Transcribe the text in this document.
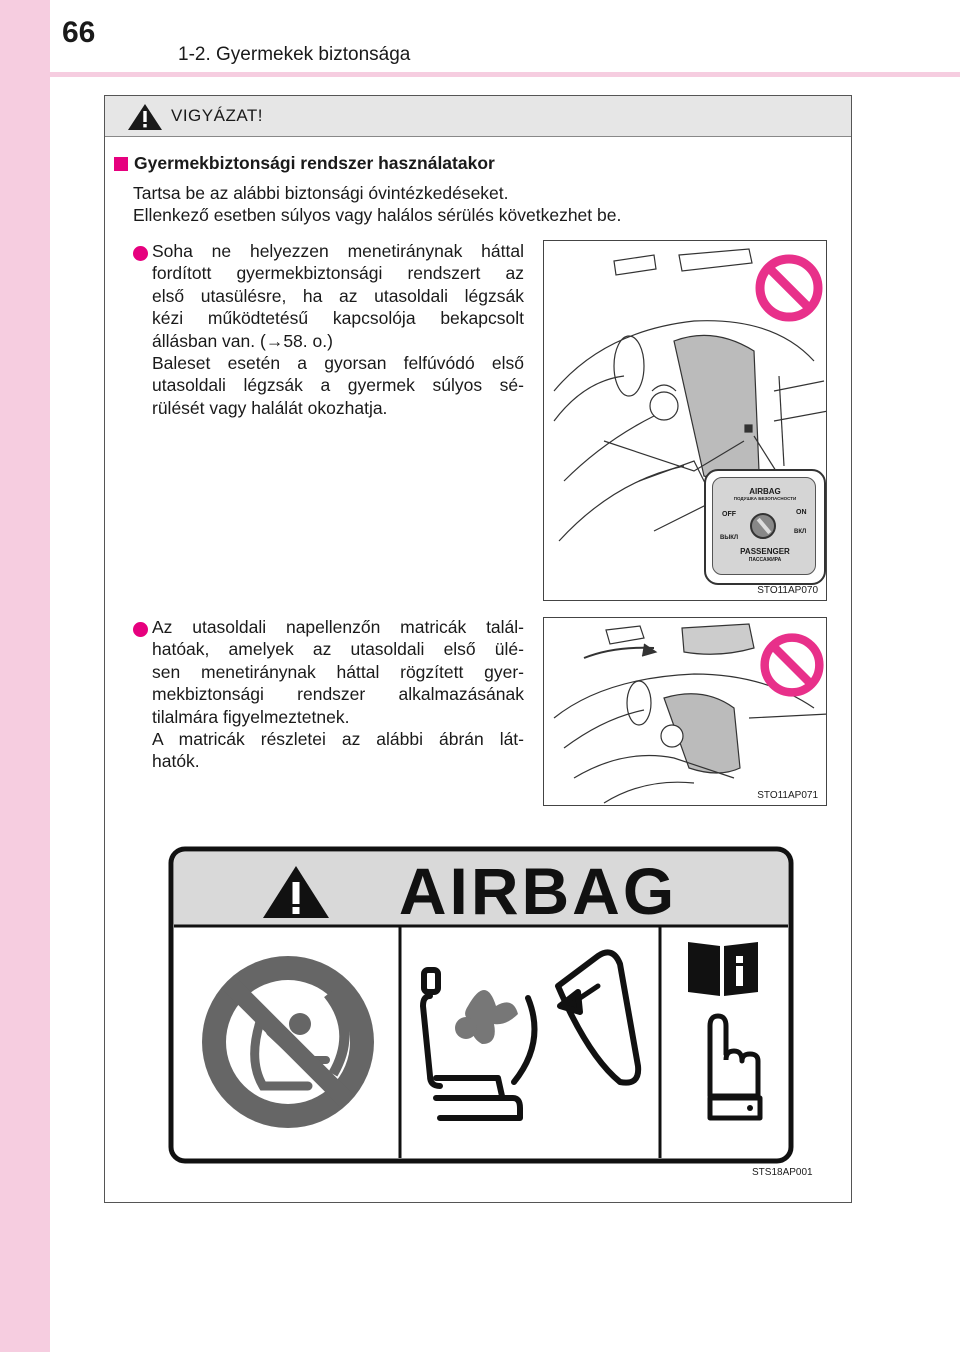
66
1-2. Gyermekek biztonsága
VIGYÁZAT!
Gyermekbiztonsági rendszer használatakor
Tartsa be az alábbi biztonsági óvintézkedéseket.
Ellenkező esetben súlyos vagy halálos sérülés következhet be.
Soha ne helyezzen menetiránynak háttal
fordított gyermekbiztonsági rendszert az
első utasülésre, ha az utasoldali légzsák
kézi működtetésű kapcsolója bekapcsolt
állásban van. (→58. o.)
Baleset esetén a gyorsan felfúvódó első
utasoldali légzsák a gyermek súlyos sé-
rülését vagy halálát okozhatja.
AIRBAG
ПОДУШКА БЕЗОПАСНОСТИ
OFF	ON
ВЫКЛ
ВКЛ
PASSENGER
ПАССАЖИРА
STO11AP070
Az utasoldali napellenzőn matricák talál-
hatóak, amelyek az utasoldali első ülé-
sen menetiránynak háttal rögzített gyer-
mekbiztonsági rendszer alkalmazásának
tilalmára figyelmeztetnek.
A matricák részletei az alábbi ábrán lát-
hatók.
STO11AP071
AIRBAG
STS18AP001
